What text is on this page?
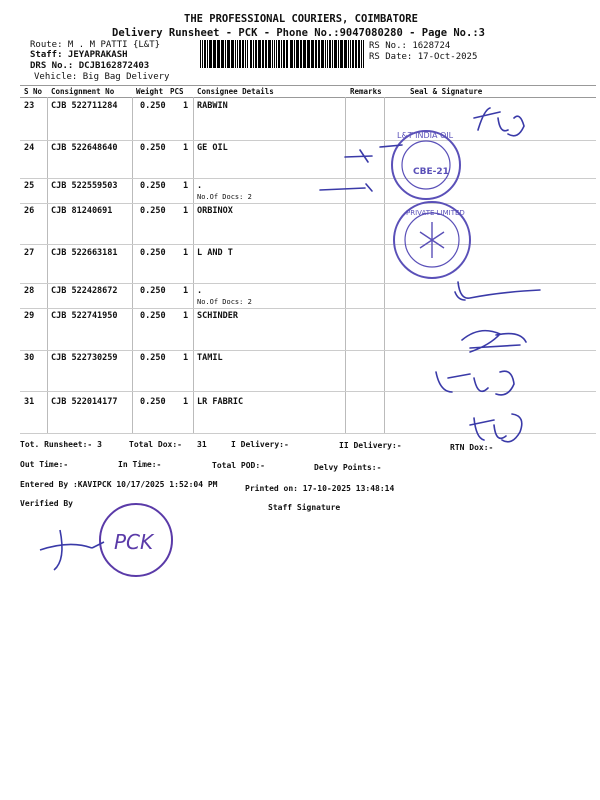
THE PROFESSIONAL COURIERS, COIMBATORE
Delivery Runsheet - PCK - Phone No.:9047080280 - Page No.:3
Route: M . M PATTI {L&T}
Staff: JEYAPRAKASH
DRS No.: DCJB162872403
Vehicle: Big Bag Delivery
RS No.: 1628724
RS Date: 17-Oct-2025
S No Consignment No	Weight PCS Consignee Details	Remarks	Seal & Signature
23 CJB 522711284	0.250 1 RABWIN
24 CJB 522648640	0.250 1 GE OIL
25 CJB 522559503	0.250 1 .
No.Of Docs: 2
26 CJB 81240691	0.250 1 ORBINOX
27 CJB 522663181	0.250 1 L AND T
28 CJB 522428672	0.250 1 .
No.Of Docs: 2
29 CJB 522741950	0.250 1 SCHINDER
30 CJB 522730259	0.250 1 TAMIL
31 CJB 522014177	0.250 1 LR FABRIC
Tot. Runsheet:- 3	Total Dox:- 31	I Delivery:-	II Delivery:-	RTN Dox:-
Out Time:-	In Time:-	Total POD:-	Delvy Points:-
Entered By :KAVIPCK 10/17/2025 1:52:04 PM	Printed on: 17-10-2025 13:48:14
Verified By	Staff Signature
L&T INDIA OIL
CBE-21
PRIVATE LIMITED
PCK
